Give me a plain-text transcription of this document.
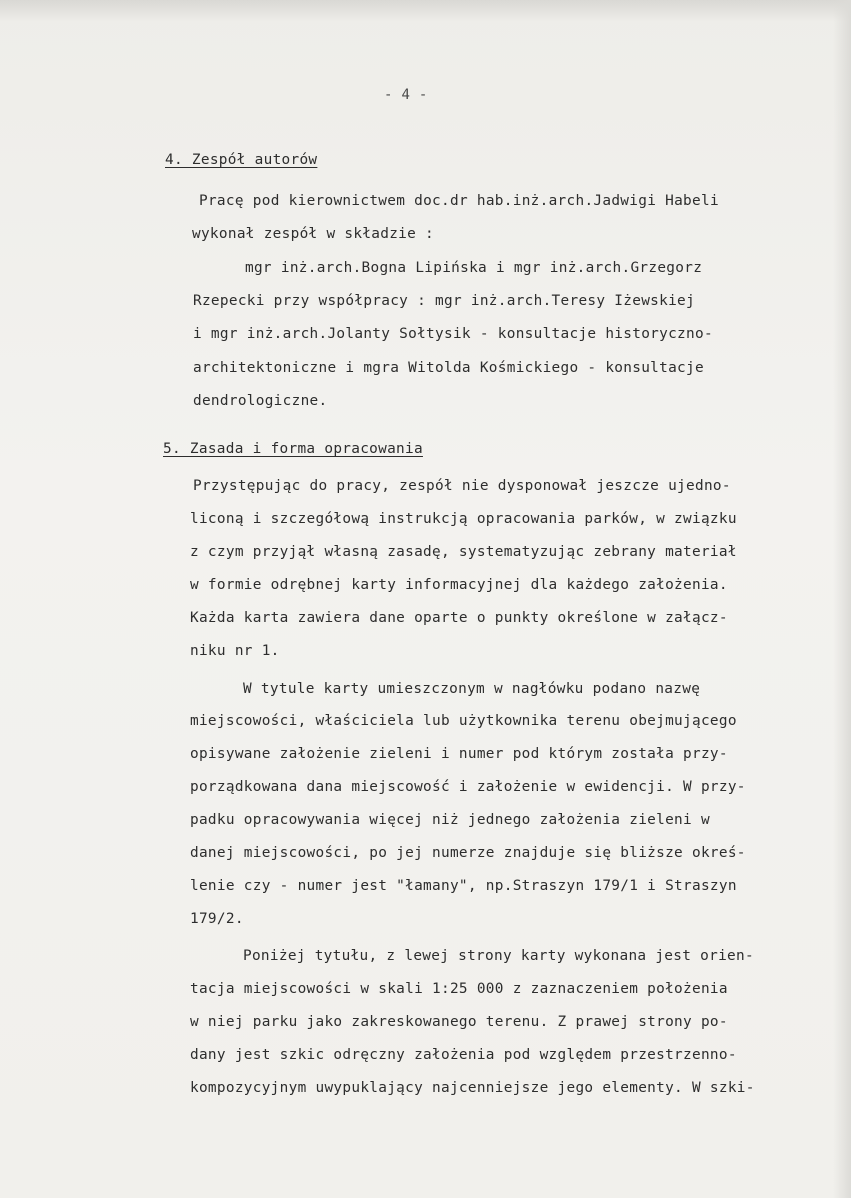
- 4 -

4. Zespół autorów

Pracę pod kierownictwem doc.dr hab.inż.arch.Jadwigi Habeli

wykonał zespół w składzie :

mgr inż.arch.Bogna Lipińska i mgr inż.arch.Grzegorz

Rzepecki przy współpracy : mgr inż.arch.Teresy Iżewskiej

i mgr inż.arch.Jolanty Sołtysik - konsultacje historyczno-

architektoniczne i mgra Witolda Kośmickiego - konsultacje

dendrologiczne.

5. Zasada i forma opracowania

Przystępując do pracy, zespół nie dysponował jeszcze ujedno-

liconą i szczegółową instrukcją opracowania parków, w związku

z czym przyjął własną zasadę, systematyzując zebrany materiał

w formie odrębnej karty informacyjnej dla każdego założenia.

Każda karta zawiera dane oparte o punkty określone w załącz-

niku nr 1.

W tytule karty umieszczonym w nagłówku podano nazwę

miejscowości, właściciela lub użytkownika terenu obejmującego

opisywane założenie zieleni i numer pod którym została przy-

porządkowana dana miejscowość i założenie w ewidencji. W przy-

padku opracowywania więcej niż jednego założenia zieleni w

danej miejscowości, po jej numerze znajduje się bliższe okreś-

lenie czy - numer jest "łamany", np.Straszyn 179/1 i Straszyn

179/2.

Poniżej tytułu, z lewej strony karty wykonana jest orien-

tacja miejscowości w skali 1:25 000 z zaznaczeniem położenia

w niej parku jako zakreskowanego terenu. Z prawej strony po-

dany jest szkic odręczny założenia pod względem przestrzenno-

kompozycyjnym uwypuklający najcenniejsze jego elementy. W szki-
